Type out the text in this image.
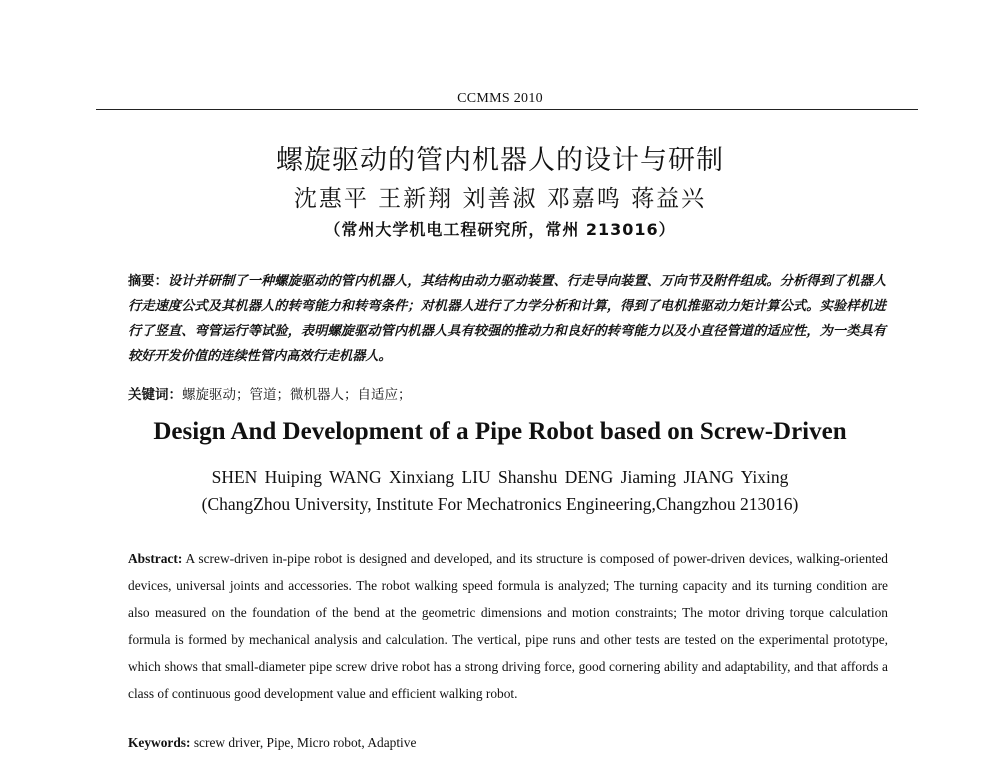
CCMMS 2010
螺旋驱动的管内机器人的设计与研制
沈惠平 王新翔 刘善淑 邓嘉鸣 蒋益兴
（常州大学机电工程研究所，常州 213016）
摘要：设计并研制了一种螺旋驱动的管内机器人，其结构由动力驱动装置、行走导向装置、万向节及附件组成。分析得到了机器人行走速度公式及其机器人的转弯能力和转弯条件；对机器人进行了力学分析和计算，得到了电机推驱动力矩计算公式。实验样机进行了竖直、弯管运行等试验，表明螺旋驱动管内机器人具有较强的推动力和良好的转弯能力以及小直径管道的适应性，为一类具有较好开发价值的连续性管内高效行走机器人。
关键词：螺旋驱动；管道；微机器人；自适应；
Design And Development of a Pipe Robot based on Screw-Driven
SHEN Huiping WANG Xinxiang LIU Shanshu DENG Jiaming JIANG Yixing
(ChangZhou University, Institute For Mechatronics Engineering,Changzhou 213016)
Abstract: A screw-driven in-pipe robot is designed and developed, and its structure is composed of power-driven devices, walking-oriented devices, universal joints and accessories. The robot walking speed formula is analyzed; The turning capacity and its turning condition are also measured on the foundation of the bend at the geometric dimensions and motion constraints; The motor driving torque calculation formula is formed by mechanical analysis and calculation. The vertical, pipe runs and other tests are tested on the experimental prototype, which shows that small-diameter pipe screw drive robot has a strong driving force, good cornering ability and adaptability, and that affords a class of continuous good development value and efficient walking robot.
Keywords: screw driver, Pipe, Micro robot, Adaptive
